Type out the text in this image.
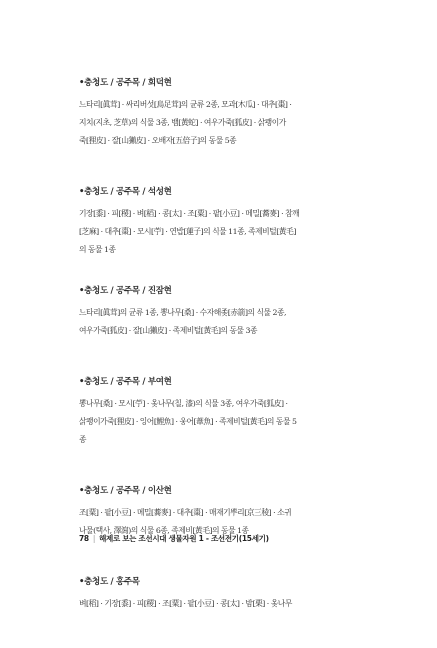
•충청도 / 공주목 / 회덕현
느타리[眞茸] · 싸리버섯[鳥足茸]의 균류 2종, 모과[木瓜] · 대추[棗] ·
지치(지초, 芝草)의 식물 3종, 뱀[黃蛇] · 여우가죽[狐皮] · 삵쾡이가
죽[狸皮] · 잘[山獺皮] · 오배자[五倍子]의 동물 5종
•충청도 / 공주목 / 석성현
기장[黍] · 피[稷] · 벼[稻] · 콩[太] · 조[粟] · 팥[小豆] · 메밀[蕎麥] · 참깨
[芝麻] · 대추[棗] · 모시[苧] · 연밥[蓮子]의 식물 11종, 족제비털[黃毛]
의 동물 1종
•충청도 / 공주목 / 진잠현
느타리[眞茸]의 균류 1종, 뽕나무[桑] · 수자해좇[赤箭]의 식물 2종,
여우가죽[狐皮] · 잘[山獺皮] · 족제비털[黃毛]의 동물 3종
•충청도 / 공주목 / 부여현
뽕나무[桑] · 모시[苧] · 옻나무(칠, 漆)의 식물 3종, 여우가죽[狐皮] ·
삵쾡이가죽[狸皮] · 잉어[鯉魚] · 웅어[葦魚] · 족제비털[黃毛]의 동물 5
종
•충청도 / 공주목 / 이산현
조[粟] · 팥[小豆] · 메밀[蕎麥] · 대추[棗] · 매재기뿌리[京三稜] · 소귀
나물(택사, 澤瀉)의 식물 6종, 족제비[黃毛]의 동물 1종
•충청도 / 홍주목
벼[稻] · 기장[黍] · 피[稷] · 조[粟] · 팥[小豆] · 콩[太] · 밤[栗] · 옻나무
78 | 해제로 보는 조선시대 생물자원 1 - 조선전기(15세기)
